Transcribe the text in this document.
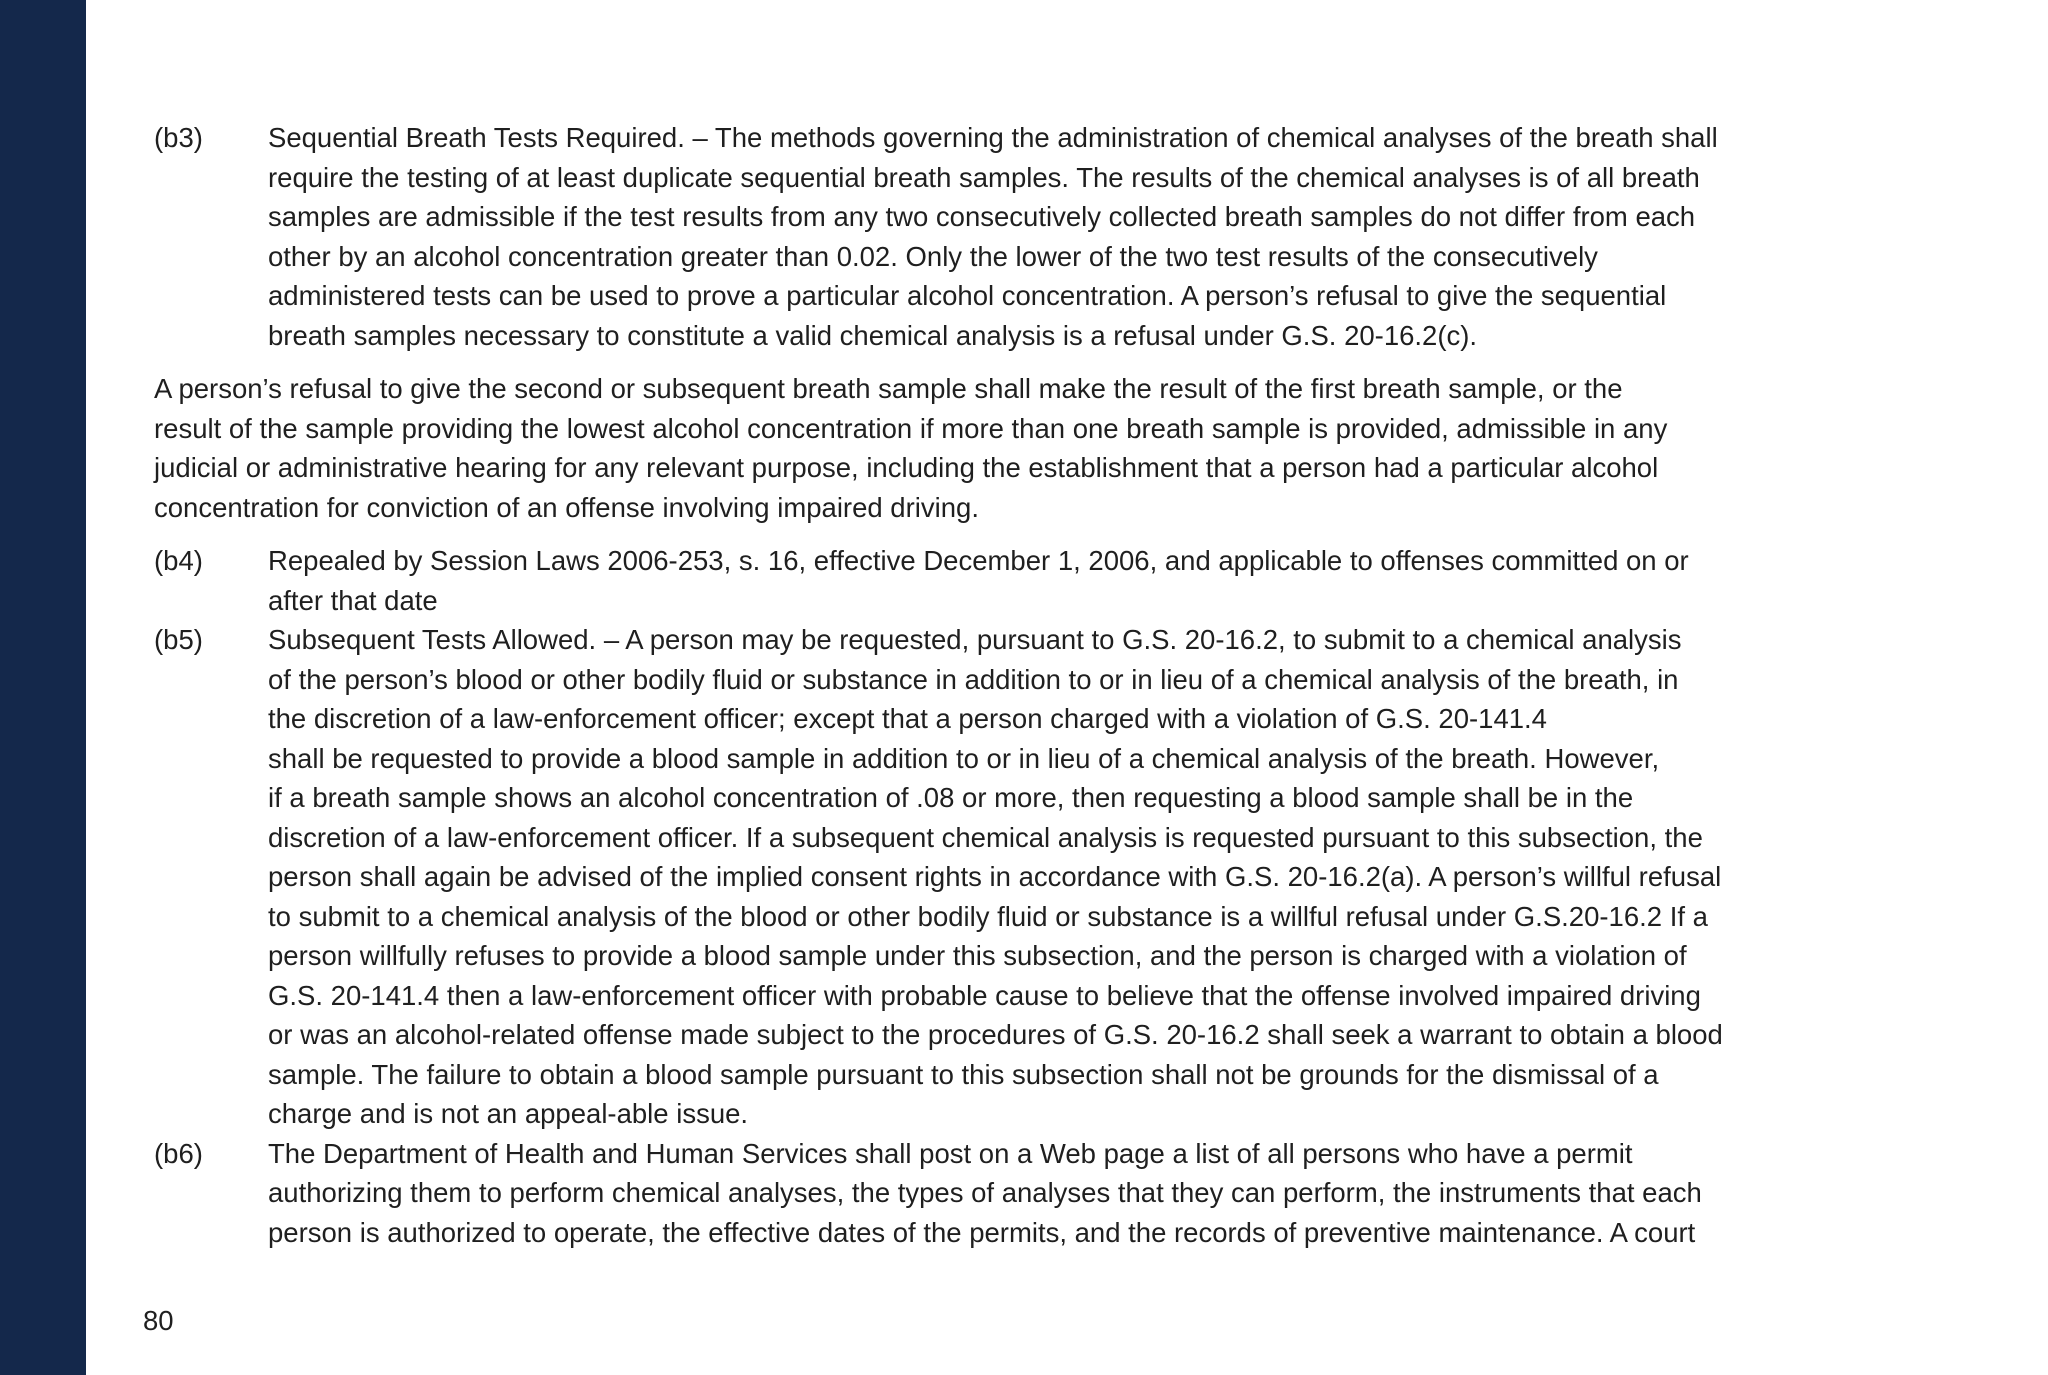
(b3)	Sequential Breath Tests Required. – The methods governing the administration of chemical analyses of the breath shall
require the testing of at least duplicate sequential breath samples. The results of the chemical analyses is of all breath
samples are admissible if the test results from any two consecutively collected breath samples do not differ from each
other by an alcohol concentration greater than 0.02. Only the lower of the two test results of the consecutively
administered tests can be used to prove a particular alcohol concentration. A person’s refusal to give the sequential
breath samples necessary to constitute a valid chemical analysis is a refusal under G.S. 20-16.2(c).
A person’s refusal to give the second or subsequent breath sample shall make the result of the first breath sample, or the
result of the sample providing the lowest alcohol concentration if more than one breath sample is provided, admissible in any
judicial or administrative hearing for any relevant purpose, including the establishment that a person had a particular alcohol
concentration for conviction of an offense involving impaired driving.
(b4)	Repealed by Session Laws 2006-253, s. 16, effective December 1, 2006, and applicable to offenses committed on or
after that date
(b5)	Subsequent Tests Allowed. – A person may be requested, pursuant to G.S. 20-16.2, to submit to a chemical analysis
of the person’s blood or other bodily fluid or substance in addition to or in lieu of a chemical analysis of the breath, in
the discretion of a law-enforcement officer; except that a person charged with a violation of G.S. 20-141.4
shall be requested to provide a blood sample in addition to or in lieu of a chemical analysis of the breath. However,
if a breath sample shows an alcohol concentration of .08 or more, then requesting a blood sample shall be in the
discretion of a law-enforcement officer. If a subsequent chemical analysis is requested pursuant to this subsection, the
person shall again be advised of the implied consent rights in accordance with G.S. 20-16.2(a). A person’s willful refusal
to submit to a chemical analysis of the blood or other bodily fluid or substance is a willful refusal under G.S.20-16.2 If a
person willfully refuses to provide a blood sample under this subsection, and the person is charged with a violation of
G.S. 20-141.4 then a law-enforcement officer with probable cause to believe that the offense involved impaired driving
or was an alcohol-related offense made subject to the procedures of G.S. 20-16.2 shall seek a warrant to obtain a blood
sample. The failure to obtain a blood sample pursuant to this subsection shall not be grounds for the dismissal of a
charge and is not an appeal-able issue.
(b6)	The Department of Health and Human Services shall post on a Web page a list of all persons who have a permit
authorizing them to perform chemical analyses, the types of analyses that they can perform, the instruments that each
person is authorized to operate, the effective dates of the permits, and the records of preventive maintenance. A court
80
